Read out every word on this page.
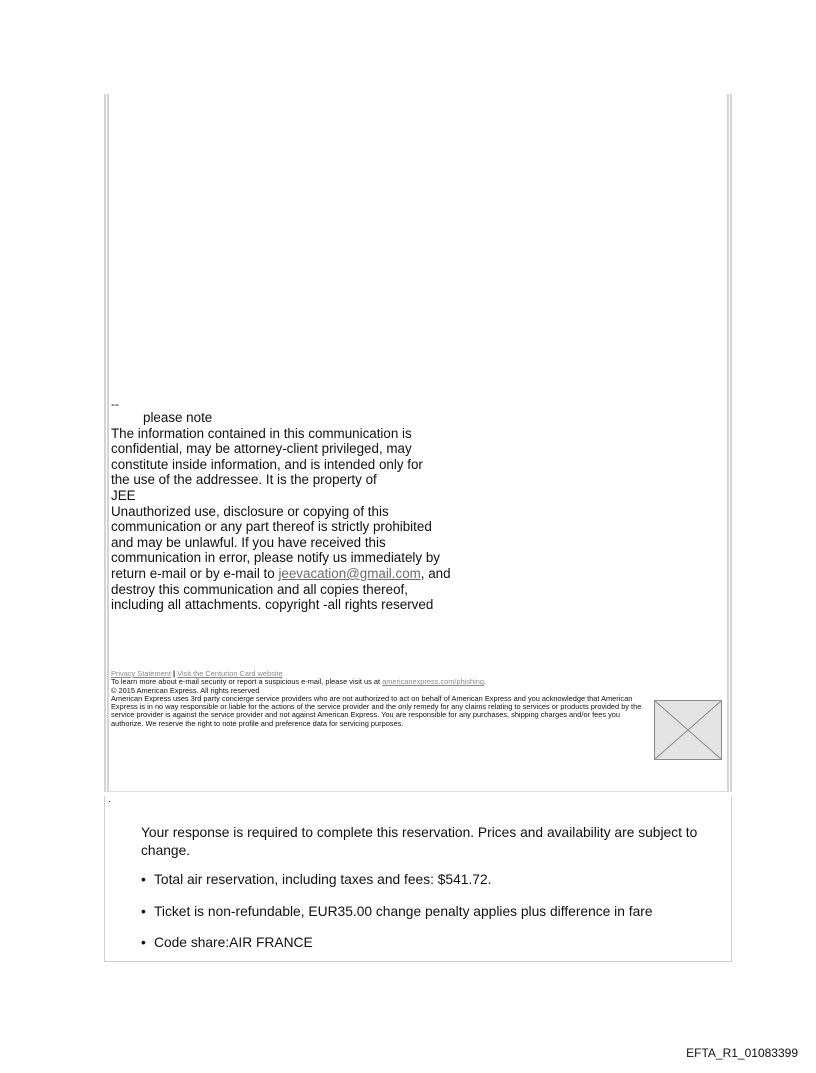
--
please note
The information contained in this communication is
confidential, may be attorney-client privileged, may
constitute inside information, and is intended only for
the use of the addressee. It is the property of
JEE
Unauthorized use, disclosure or copying of this
communication or any part thereof is strictly prohibited
and may be unlawful. If you have received this
communication in error, please notify us immediately by
return e-mail or by e-mail to jeevacation@gmail.com, and
destroy this communication and all copies thereof,
including all attachments. copyright -all rights reserved
Privacy Statement | Visit the Centurion Card website
To learn more about e-mail security or report a suspicious e-mail, please visit us at americanexpress.com/phishing.
© 2015 American Express. All rights reserved
American Express uses 3rd party concierge service providers who are not authorized to act on behalf of American Express and you acknowledge that American Express is in no way responsible or liable for the actions of the service provider and the only remedy for any claims relating to services or products provided by the service provider is against the service provider and not against American Express. You are responsible for any purchases, shipping charges and/or fees you authorize. We reserve the right to note profile and preference data for servicing purposes.
.

Your response is required to complete this reservation. Prices and availability are subject to change.

• Total air reservation, including taxes and fees: $541.72.
• Ticket is non-refundable, EUR35.00 change penalty applies plus difference in fare
• Code share:AIR FRANCE
EFTA_R1_01083399
